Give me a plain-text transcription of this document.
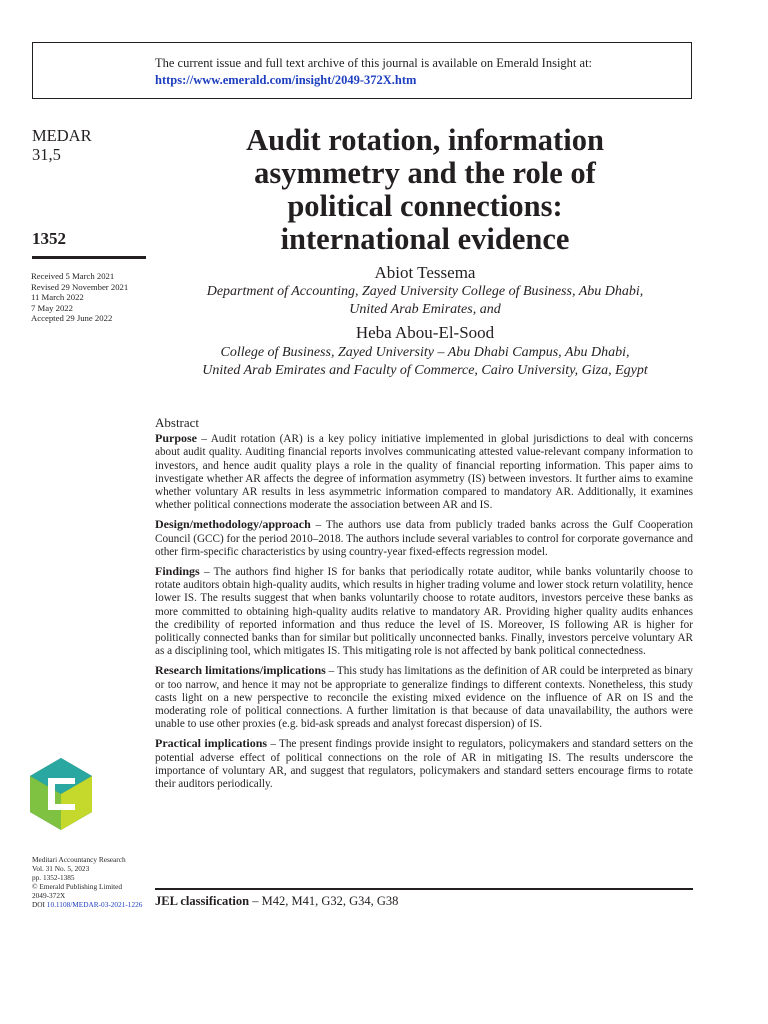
The current issue and full text archive of this journal is available on Emerald Insight at:
https://www.emerald.com/insight/2049-372X.htm
MEDAR
31,5
1352
Received 5 March 2021
Revised 29 November 2021
11 March 2022
7 May 2022
Accepted 29 June 2022
Audit rotation, information
asymmetry and the role of
political connections:
international evidence
Abiot Tessema
Department of Accounting, Zayed University College of Business, Abu Dhabi,
United Arab Emirates, and
Heba Abou-El-Sood
College of Business, Zayed University – Abu Dhabi Campus, Abu Dhabi,
United Arab Emirates and Faculty of Commerce, Cairo University, Giza, Egypt
Abstract

Purpose – Audit rotation (AR) is a key policy initiative implemented in global jurisdictions to deal with concerns about audit quality. Auditing financial reports involves communicating attested value-relevant company information to investors, and hence audit quality plays a role in the quality of financial reporting information. This paper aims to investigate whether AR affects the degree of information asymmetry (IS) between investors. It further aims to examine whether voluntary AR results in less asymmetric information compared to mandatory AR. Additionally, it examines whether political connections moderate the association between AR and IS.

Design/methodology/approach – The authors use data from publicly traded banks across the Gulf Cooperation Council (GCC) for the period 2010–2018. The authors include several variables to control for corporate governance and other firm-specific characteristics by using country-year fixed-effects regression model.

Findings – The authors find higher IS for banks that periodically rotate auditor, while banks voluntarily choose to rotate auditors obtain high-quality audits, which results in higher trading volume and lower stock return volatility, hence lower IS. The results suggest that when banks voluntarily choose to rotate auditors, investors perceive these banks as more committed to obtaining high-quality audits relative to mandatory AR. Providing higher quality audits enhances the credibility of reported information and thus reduce the level of IS. Moreover, IS following AR is higher for politically connected banks than for similar but politically unconnected banks. Finally, investors perceive voluntary AR as a disciplining tool, which mitigates IS. This mitigating role is not affected by bank political connectedness.

Research limitations/implications – This study has limitations as the definition of AR could be interpreted as binary or too narrow, and hence it may not be appropriate to generalize findings to different contexts. Nonetheless, this study casts light on a new perspective to reconcile the existing mixed evidence on the influence of AR on IS and the moderating role of political connections. A further limitation is that because of data unavailability, the authors were unable to use other proxies (e.g. bid-ask spreads and analyst forecast dispersion) of IS.

Practical implications – The present findings provide insight to regulators, policymakers and standard setters on the potential adverse effect of political connections on the role of AR in mitigating IS. The results underscore the importance of voluntary AR, and suggest that regulators, policymakers and standard setters encourage firms to rotate their auditors periodically.

JEL classification – M42, M41, G32, G34, G38
Meditari Accountancy Research
Vol. 31 No. 5, 2023
pp. 1352-1385
© Emerald Publishing Limited
2049-372X
DOI 10.1108/MEDAR-03-2021-1226
